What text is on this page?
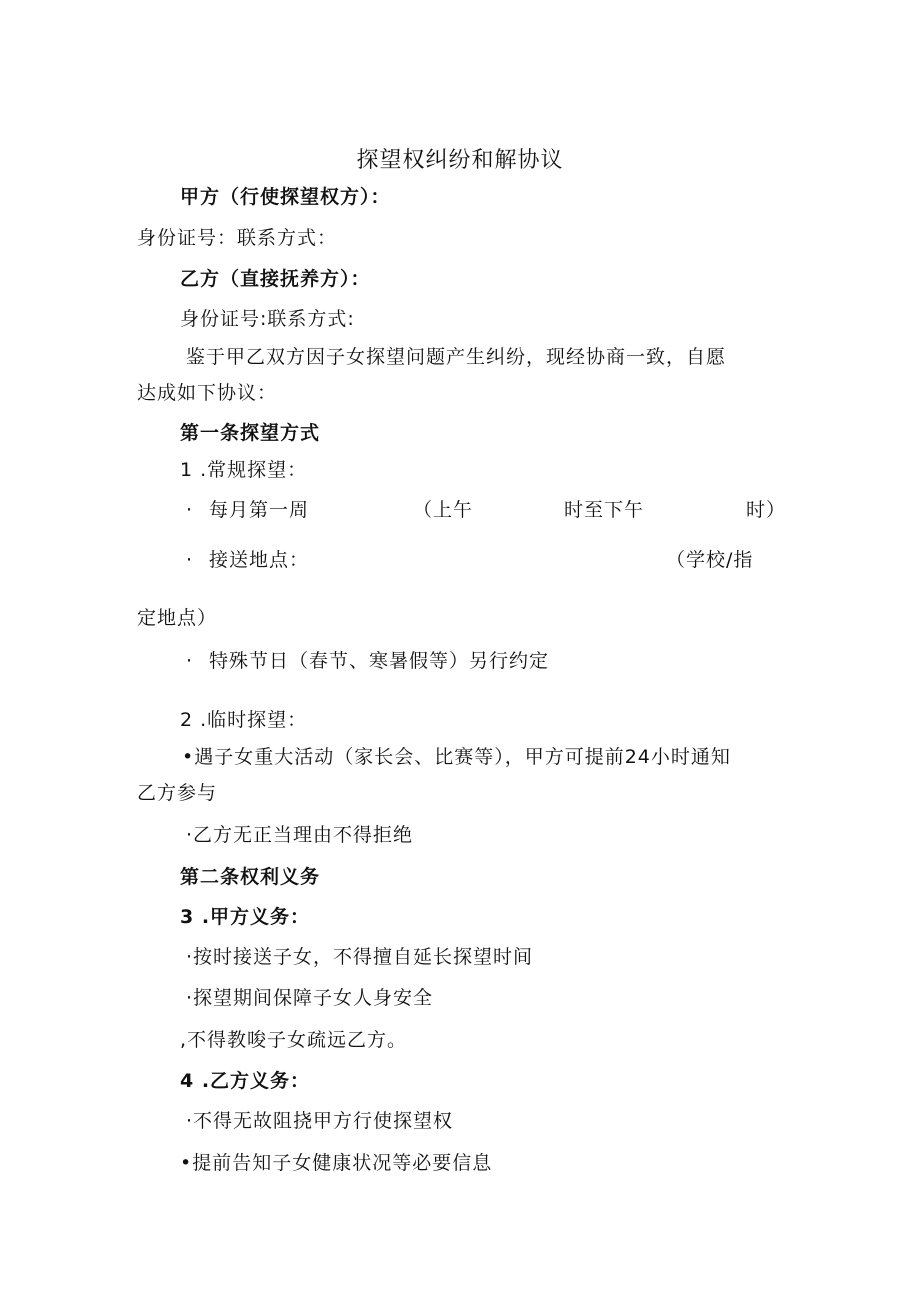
探望权纠纷和解协议
甲方（行使探望权方）：
身份证号：联系方式：
乙方（直接抚养方）：
身份证号:联系方式:
鉴于甲乙双方因子女探望问题产生纠纷，现经协商一致，自愿
达成如下协议：
第一条探望方式
1 .常规探望：
· 每月第一周	（上午	时至下午	时）
· 接送地点：	（学校/指
定地点）
· 特殊节日（春节、寒暑假等）另行约定
2 .临时探望：
•遇子女重大活动（家长会、比赛等），甲方可提前24小时通知
乙方参与
·乙方无正当理由不得拒绝
第二条权利义务
3 .甲方义务：
·按时接送子女，不得擅自延长探望时间
·探望期间保障子女人身安全
,不得教唆子女疏远乙方。
4 .乙方义务：
·不得无故阻挠甲方行使探望权
•提前告知子女健康状况等必要信息
